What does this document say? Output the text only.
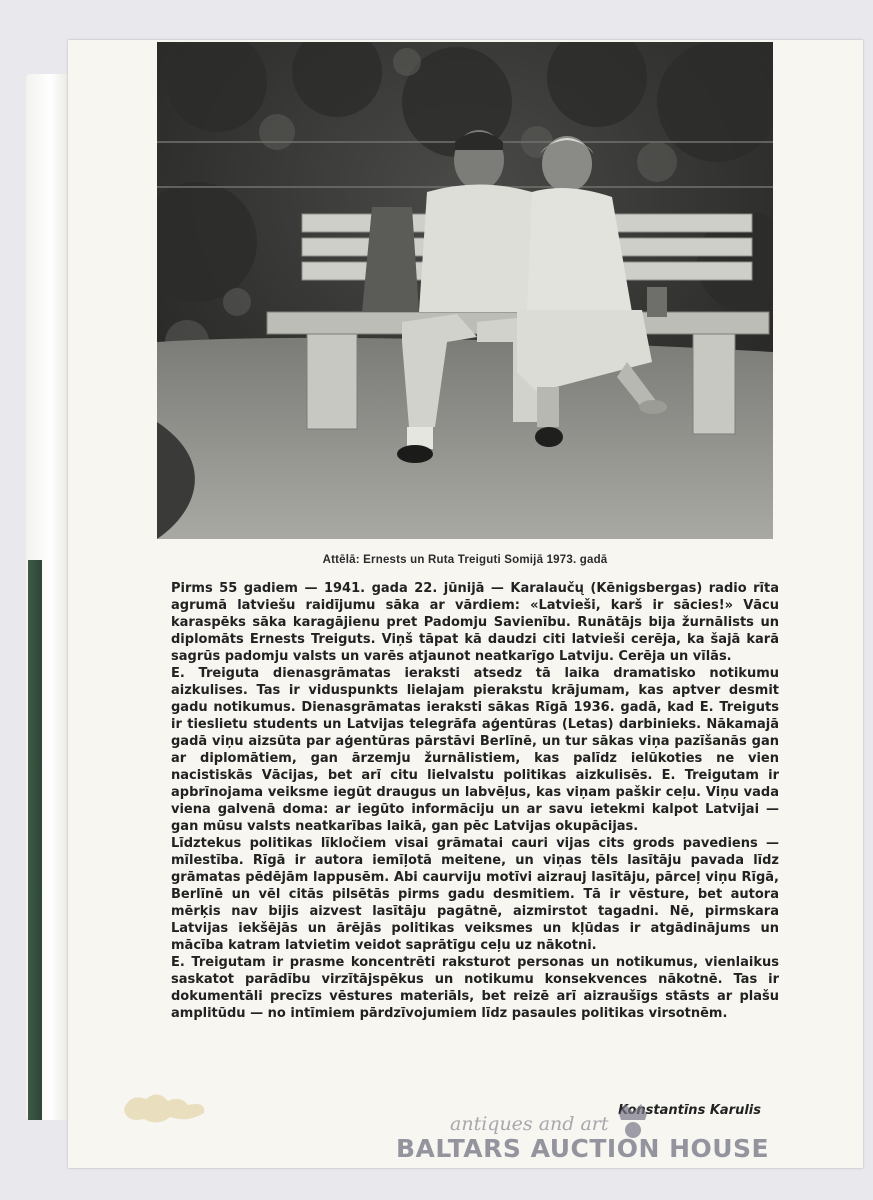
Attēlā: Ernests un Ruta Treiguti Somijā 1973. gadā

Pirms 55 gadiem — 1941. gada 22. jūnijā — Karalaučų (Kēnigsbergas) radio rīta agrumā latviešu raidījumu sāka ar vārdiem: «Latvieši, karš ir sācies!» Vācu karaspēks sāka karagājienu pret Padomju Savienību. Runātājs bija žurnālists un diplomāts Ernests Treiguts. Viņš tāpat kā daudzi citi latvieši cerēja, ka šajā karā sagrūs padomju valsts un varēs atjaunot neatkarīgo Latviju. Cerēja un vīlās.

E. Treiguta dienasgrāmatas ieraksti atsedz tā laika dramatisko notikumu aizkulises. Tas ir viduspunkts lielajam pierakstu krājumam, kas aptver desmit gadu notikumus. Dienasgrāmatas ieraksti sākas Rīgā 1936. gadā, kad E. Treiguts ir tieslietu students un Latvijas telegrāfa aģentūras (Letas) darbinieks. Nākamajā gadā viņu aizsūta par aģentūras pārstāvi Berlīnē, un tur sākas viņa pazīšanās gan ar diplomātiem, gan ārzemju žurnālistiem, kas palīdz ielūkoties ne vien nacistiskās Vācijas, bet arī citu lielvalstu politikas aizkulisēs. E. Treigutam ir apbrīnojama veiksme iegūt draugus un labvēļus, kas viņam paškir ceļu. Viņu vada viena galvenā doma: ar iegūto informāciju un ar savu ietekmi kalpot Latvijai — gan mūsu valsts neatkarības laikā, gan pēc Latvijas okupācijas.

Līdztekus politikas līkločiem visai grāmatai cauri vijas cits grods pavediens — mīlestība. Rīgā ir autora iemīļotā meitene, un viņas tēls lasītāju pavada līdz grāmatas pēdējām lappusēm. Abi caurviju motīvi aizrauj lasītāju, pārceļ viņu Rīgā, Berlīnē un vēl citās pilsētās pirms gadu desmitiem. Tā ir vēsture, bet autora mērķis nav bijis aizvest lasītāju pagātnē, aizmirstot tagadni. Nē, pirmskara Latvijas iekšējās un ārējās politikas veiksmes un kļūdas ir atgādinājums un mācība katram latvietim veidot saprātīgu ceļu uz nākotni.

E. Treigutam ir prasme koncentrēti raksturot personas un notikumus, vienlaikus saskatot parādību virzītājspēkus un notikumu konsekvences nākotnē. Tas ir dokumentāli precīzs vēstures materiāls, bet reizē arī aizraušīgs stāsts ar plašu amplitūdu — no intīmiem pārdzīvojumiem līdz pasaules politikas virsotnēm.

Konstantīns Karulis
antiques and art
BALTARS AUCTION HOUSE
